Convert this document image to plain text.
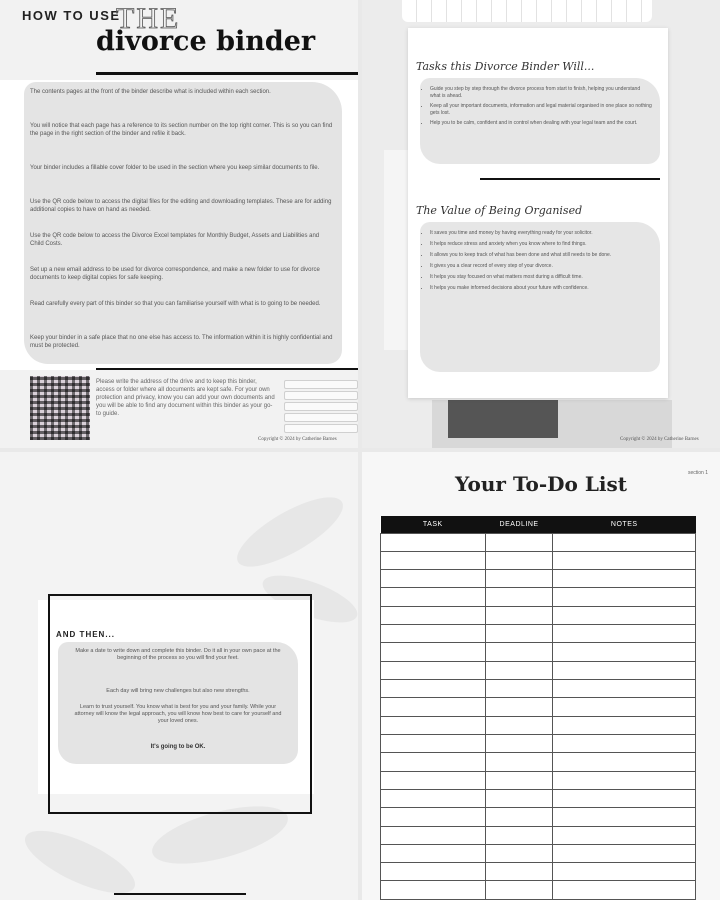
HOW TO USE
THE
divorce binder

The contents pages at the front of the binder describe what is included within each section.

You will notice that each page has a reference to its section number on the top right corner. This is so you can find the page in the right section of the binder and refile it back.

Your binder includes a fillable cover folder to be used in the section where you keep similar documents to file.

Use the QR code below to access the digital files for the editing and downloading templates. These are for adding additional copies to have on hand as needed.

Use the QR code below to access the Divorce Excel templates for Monthly Budget, Assets and Liabilities and Child Costs.

Set up a new email address to be used for divorce correspondence, and make a new folder to use for divorce documents to keep digital copies for safe keeping.

Read carefully every part of this binder so that you can familiarise yourself with what is to going to be needed.

Keep your binder in a safe place that no one else has access to. The information within it is highly confidential and must be protected.

Please write the address of the drive and to keep this binder, access or folder where all documents are kept safe. For your own protection and privacy, know you can add your own documents and you will be able to find any document within this binder as your go-to guide.

Copyright © 2024 by Catherine Barnes
Tasks this Divorce Binder Will...
• Guide you step by step through the divorce process from start to finish, helping you understand what is ahead.
• Keep all your important documents, information and legal material organised in one place so nothing gets lost.
• Help you to be calm, confident and in control when dealing with your legal team and the court.
The Value of Being Organised
• It saves you time and money by having everything ready for your solicitor.
• It helps reduce stress and anxiety when you know where to find things.
• It allows you to keep track of what has been done and what still needs to be done.
• It gives you a clear record of every step of your divorce.
• It helps you stay focused on what matters most during a difficult time.
• It helps you make informed decisions about your future with confidence.
Copyright © 2024 by Catherine Barnes
AND THEN...

Make a date to write down and complete this binder. Do it all in your own pace at the beginning of the process so you will find your feet.

Each day will bring new challenges but also new strengths.

Learn to trust yourself. You know what is best for you and your family. While your attorney will know the legal approach, you will know how best to care for yourself and your loved ones.

It's going to be OK.

section 1
Your To-Do List
TASK	DEADLINE	NOTES
